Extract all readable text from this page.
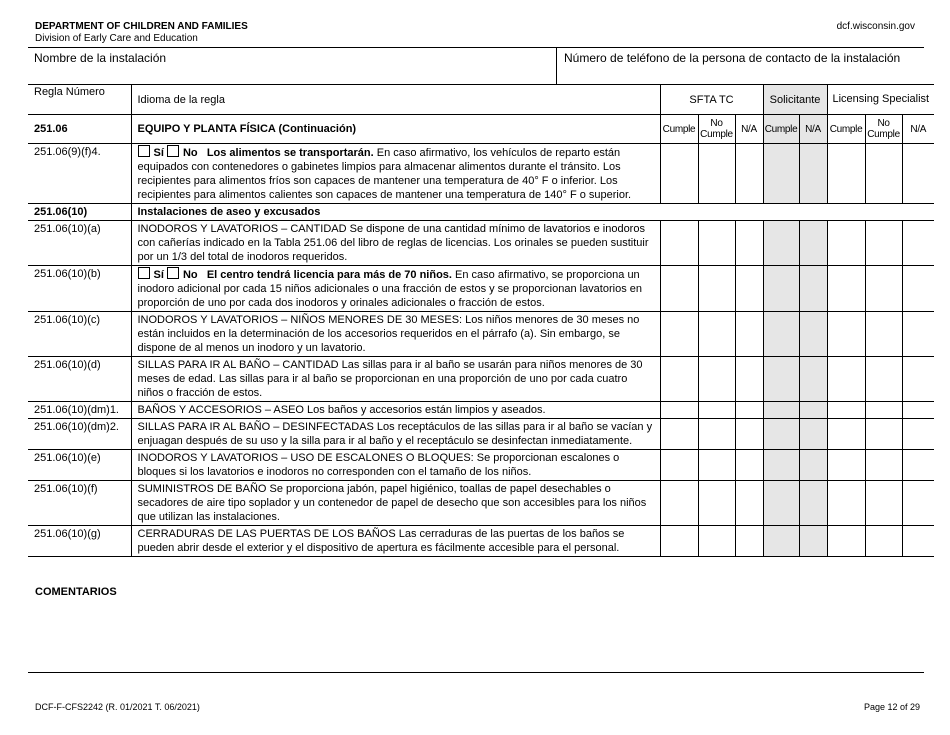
DEPARTMENT OF CHILDREN AND FAMILIES
Division of Early Care and Education
dcf.wisconsin.gov
Nombre de la instalación	Número de teléfono de la persona de contacto de la instalación
Regla Número	Idioma de la regla	SFTA TC			Solicitante		Licensing Specialist		
251.06	EQUIPO Y PLANTA FÍSICA (Continuación)	Cumple	No Cumple	N/A	Cumple	N/A	Cumple	No Cumple	N/A
251.06(9)(f)4.	Sí No Los alimentos se transportarán. En caso afirmativo, los vehículos de reparto están equipados con contenedores o gabinetes limpios para almacenar alimentos durante el tránsito. Los recipientes para alimentos fríos son capaces de mantener una temperatura de 40° F o inferior. Los recipientes para alimentos calientes son capaces de mantener una temperatura de 140° F o superior.								
251.06(10)	Instalaciones de aseo y excusados								
251.06(10)(a)	INODOROS Y LAVATORIOS – CANTIDAD Se dispone de una cantidad mínimo de lavatorios e inodoros con cañerías indicado en la Tabla 251.06 del libro de reglas de licencias. Los orinales se pueden sustituir por un 1/3 del total de inodoros requeridos.								
251.06(10)(b)	Sí No El centro tendrá licencia para más de 70 niños. En caso afirmativo, se proporciona un inodoro adicional por cada 15 niños adicionales o una fracción de estos y se proporcionan lavatorios en proporción de uno por cada dos inodoros y orinales adicionales o fracción de estos.								
251.06(10)(c)	INODOROS Y LAVATORIOS – NIÑOS MENORES DE 30 MESES: Los niños menores de 30 meses no están incluidos en la determinación de los accesorios requeridos en el párrafo (a). Sin embargo, se dispone de al menos un inodoro y un lavatorio.								
251.06(10)(d)	SILLAS PARA IR AL BAÑO – CANTIDAD Las sillas para ir al baño se usarán para niños menores de 30 meses de edad. Las sillas para ir al baño se proporcionan en una proporción de uno por cada cuatro niños o fracción de estos.								
251.06(10)(dm)1.	BAÑOS Y ACCESORIOS – ASEO Los baños y accesorios están limpios y aseados.								
251.06(10)(dm)2.	SILLAS PARA IR AL BAÑO – DESINFECTADAS Los receptáculos de las sillas para ir al baño se vacían y enjuagan después de su uso y la silla para ir al baño y el receptáculo se desinfectan inmediatamente.								
251.06(10)(e)	INODOROS Y LAVATORIOS – USO DE ESCALONES O BLOQUES: Se proporcionan escalones o bloques si los lavatorios e inodoros no corresponden con el tamaño de los niños.								
251.06(10)(f)	SUMINISTROS DE BAÑO Se proporciona jabón, papel higiénico, toallas de papel desechables o secadores de aire tipo soplador y un contenedor de papel de desecho que son accesibles para los niños que utilizan las instalaciones.								
251.06(10)(g)	CERRADURAS DE LAS PUERTAS DE LOS BAÑOS Las cerraduras de las puertas de los baños se pueden abrir desde el exterior y el dispositivo de apertura es fácilmente accesible para el personal.								
COMENTARIOS
DCF-F-CFS2242 (R. 01/2021 T. 06/2021)	Page 12 of 29
